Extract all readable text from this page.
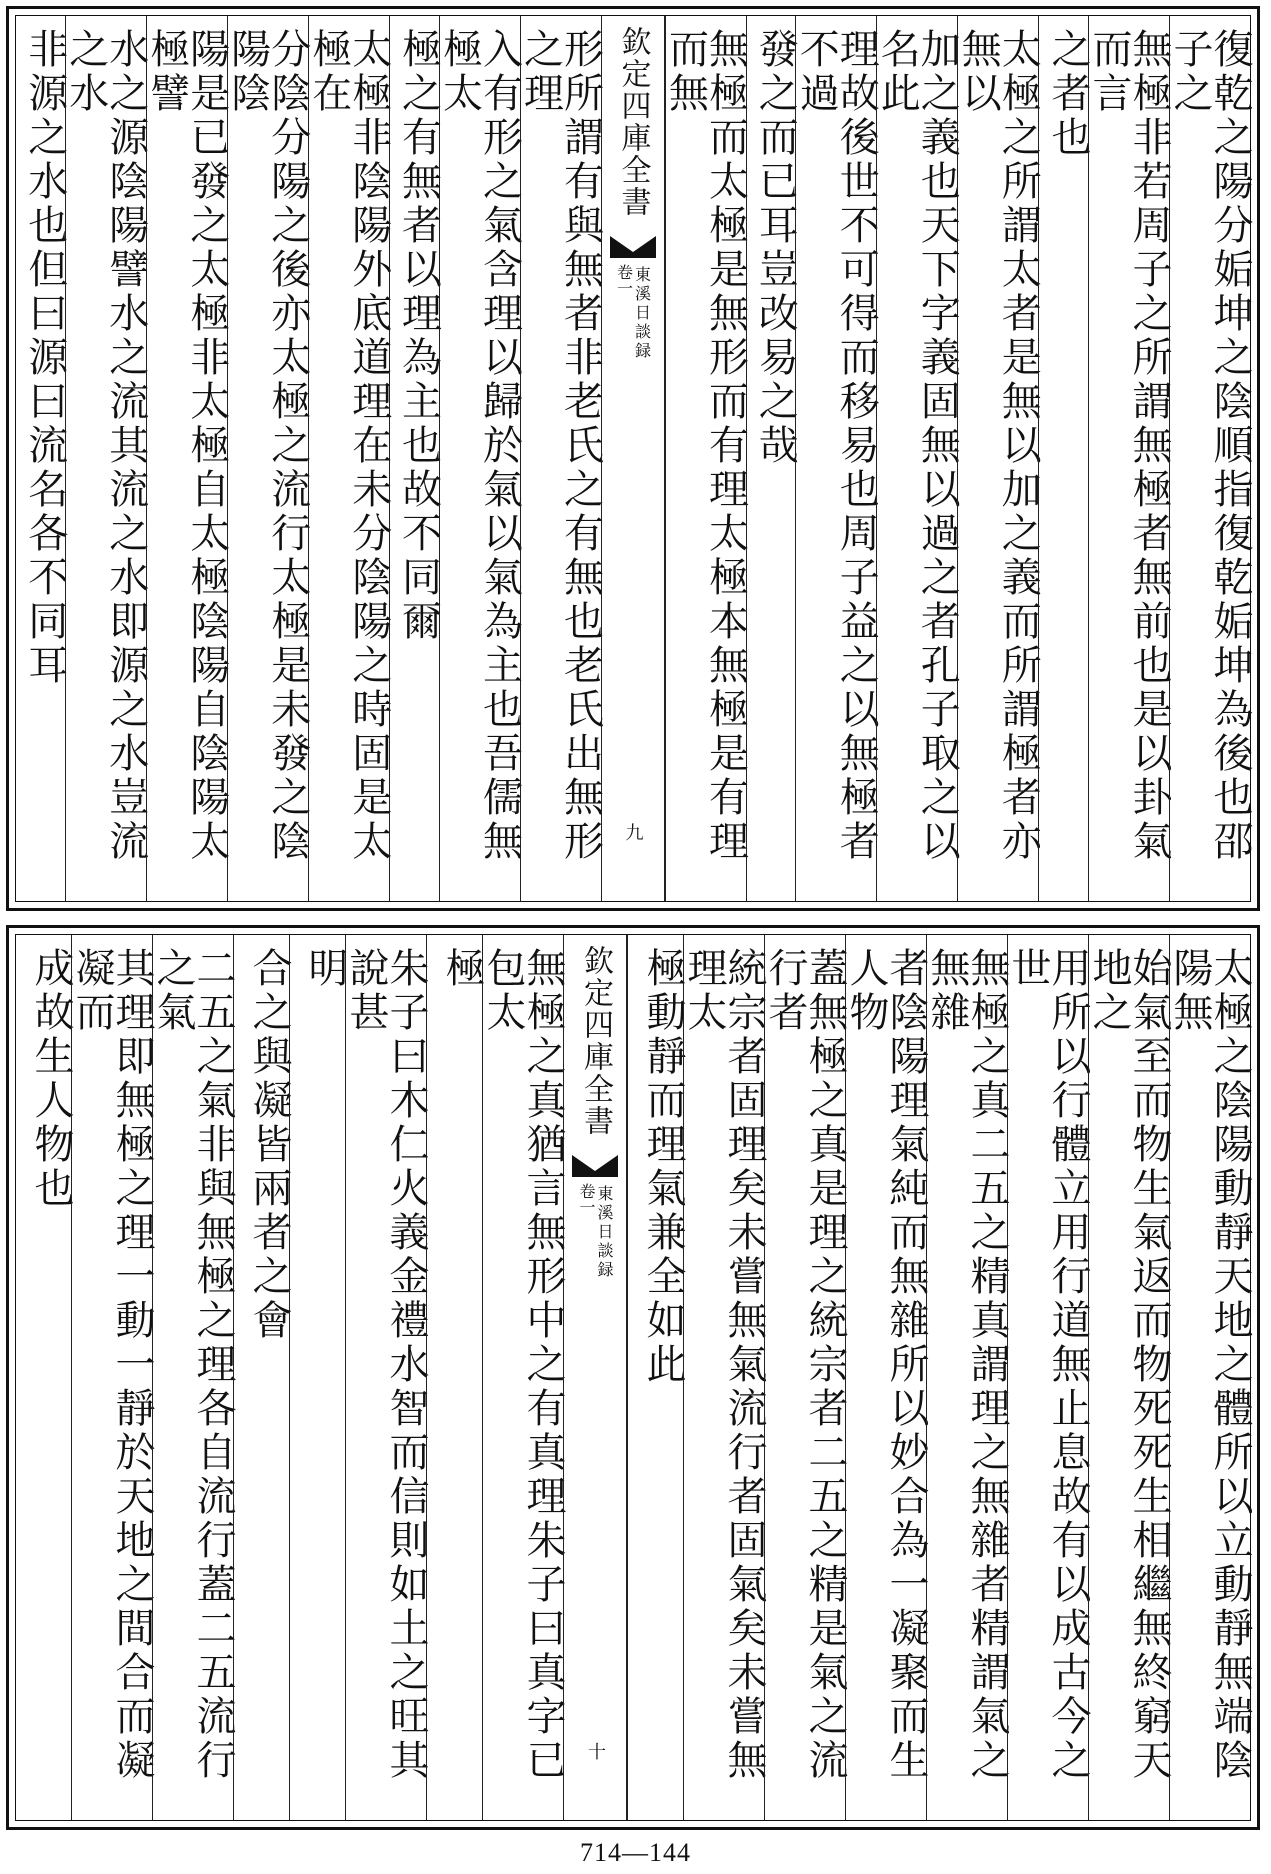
復乾之陽分姤坤之陰順指復乾姤坤為後也邵子之
無極非若周子之所謂無極者無前也是以卦氣而言
之者也
太極之所謂太者是無以加之義而所謂極者亦無以
加之義也天下字義固無以過之者孔子取之以名此
理故後世不可得而移易也周子益之以無極者不過
發之而已耳豈改易之哉
無極而太極是無形而有理太極本無極是有理而無
欽定四庫全書
東溪日談録
卷一
九
形所謂有與無者非老氏之有無也老氏出無形之理
入有形之氣含理以歸於氣以氣為主也吾儒無極太
極之有無者以理為主也故不同爾
太極非陰陽外底道理在未分陰陽之時固是太極在
分陰分陽之後亦太極之流行太極是未發之陰陽陰
陽是已發之太極非太極自太極陰陽自陰陽太極譬
水之源陰陽譬水之流其流之水即源之水豈流之水
非源之水也但曰源曰流名各不同耳
太極之陰陽動靜天地之體所以立動靜無端陰陽無
始氣至而物生氣返而物死死生相繼無終窮天地之
用所以行體立用行道無止息故有以成古今之世
無極之真二五之精真謂理之無雜者精謂氣之無雜
者陰陽理氣純而無雜所以妙合為一凝聚而生人物
蓋無極之真是理之統宗者二五之精是氣之流行者
統宗者固理矣未嘗無氣流行者固氣矣未嘗無理太
極動靜而理氣兼全如此
欽定四庫全書
東溪日談録
卷一
十
無極之真猶言無形中之有真理朱子曰真字已包太
極
朱子曰木仁火義金禮水智而信則如土之旺其說甚
明
合之與凝皆兩者之會
二五之氣非與無極之理各自流行蓋二五流行之氣
其理即無極之理一動一靜於天地之間合而凝凝而
成故生人物也
714—144
